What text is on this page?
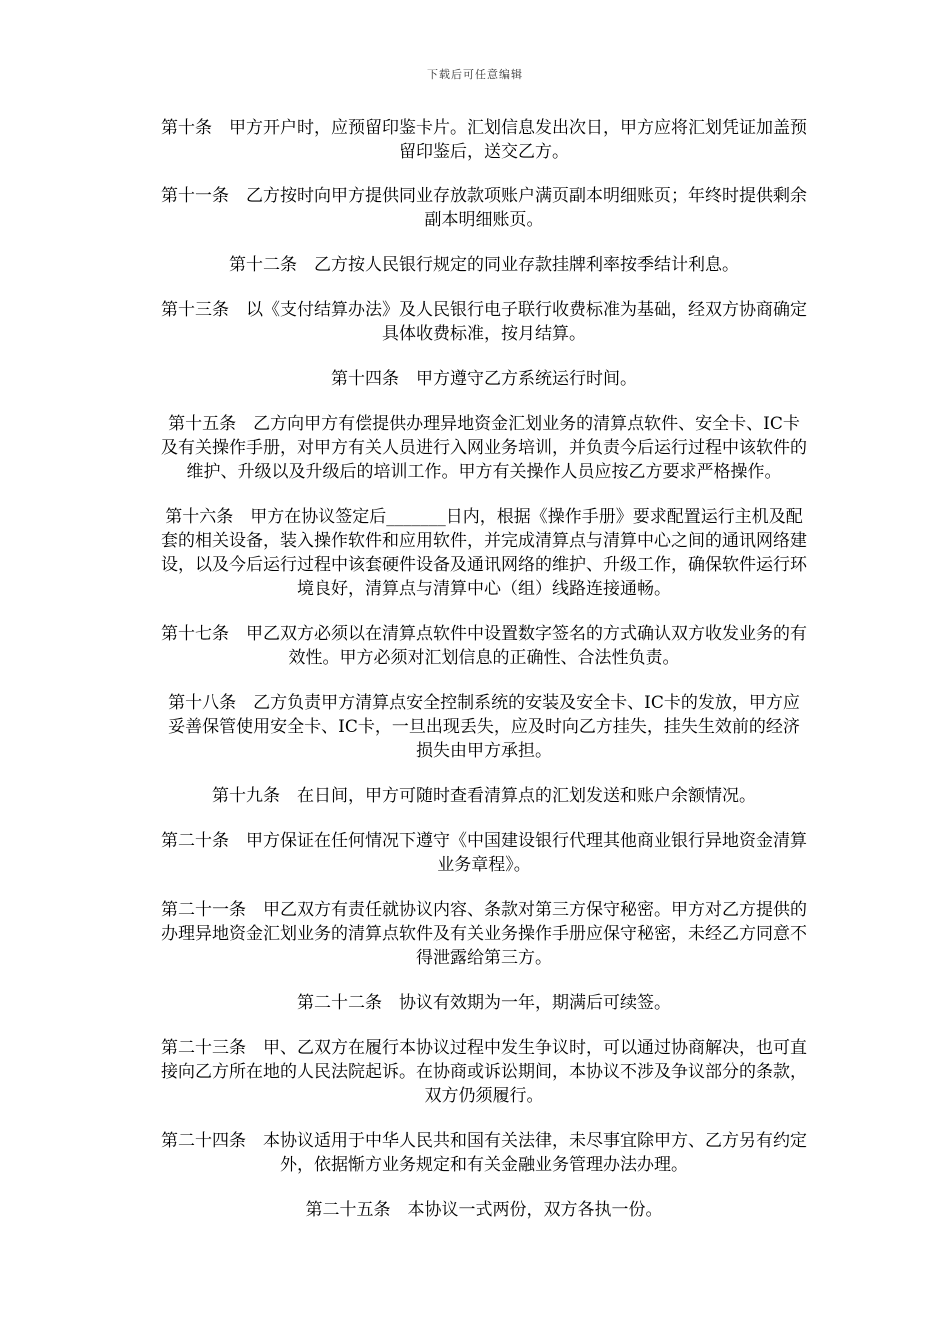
下载后可任意编辑

第十条　甲方开户时，应预留印鉴卡片。汇划信息发出次日，甲方应将汇划凭证加盖预留印鉴后，送交乙方。

第十一条　乙方按时向甲方提供同业存放款项账户满页副本明细账页；年终时提供剩余副本明细账页。

第十二条　乙方按人民银行规定的同业存款挂牌利率按季结计利息。

第十三条　以《支付结算办法》及人民银行电子联行收费标准为基础，经双方协商确定具体收费标准，按月结算。

第十四条　甲方遵守乙方系统运行时间。

第十五条　乙方向甲方有偿提供办理异地资金汇划业务的清算点软件、安全卡、IC卡及有关操作手册，对甲方有关人员进行入网业务培训，并负责今后运行过程中该软件的维护、升级以及升级后的培训工作。甲方有关操作人员应按乙方要求严格操作。

第十六条　甲方在协议签定后_______日内，根据《操作手册》要求配置运行主机及配套的相关设备，装入操作软件和应用软件，并完成清算点与清算中心之间的通讯网络建设，以及今后运行过程中该套硬件设备及通讯网络的维护、升级工作，确保软件运行环境良好，清算点与清算中心（组）线路连接通畅。

第十七条　甲乙双方必须以在清算点软件中设置数字签名的方式确认双方收发业务的有效性。甲方必须对汇划信息的正确性、合法性负责。

第十八条　乙方负责甲方清算点安全控制系统的安装及安全卡、IC卡的发放，甲方应妥善保管使用安全卡、IC卡，一旦出现丢失，应及时向乙方挂失，挂失生效前的经济损失由甲方承担。

第十九条　在日间，甲方可随时查看清算点的汇划发送和账户余额情况。

第二十条　甲方保证在任何情况下遵守《中国建设银行代理其他商业银行异地资金清算业务章程》。

第二十一条　甲乙双方有责任就协议内容、条款对第三方保守秘密。甲方对乙方提供的办理异地资金汇划业务的清算点软件及有关业务操作手册应保守秘密，未经乙方同意不得泄露给第三方。

第二十二条　协议有效期为一年，期满后可续签。

第二十三条　甲、乙双方在履行本协议过程中发生争议时，可以通过协商解决，也可直接向乙方所在地的人民法院起诉。在协商或诉讼期间，本协议不涉及争议部分的条款，双方仍须履行。

第二十四条　本协议适用于中华人民共和国有关法律，未尽事宜除甲方、乙方另有约定外，依据惭方业务规定和有关金融业务管理办法办理。

第二十五条　本协议一式两份，双方各执一份。
